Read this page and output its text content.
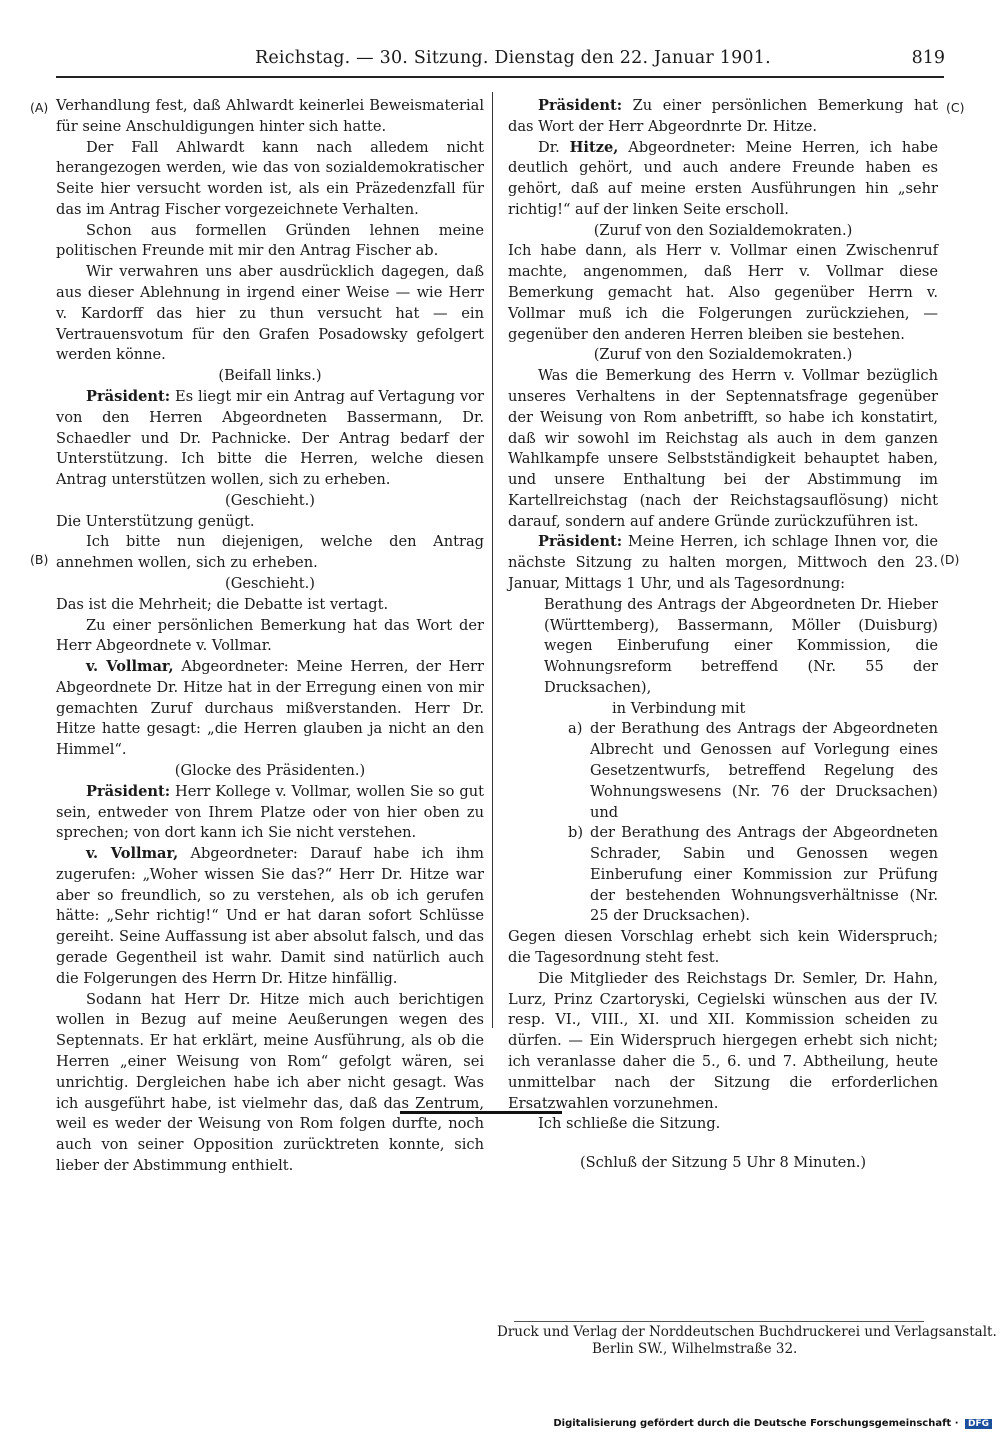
Reichstag. — 30. Sitzung. Dienstag den 22. Januar 1901.	819
(A)
(B)
(C)
(D)

Verhandlung fest, daß Ahlwardt keinerlei Beweismaterial für seine Anschuldigungen hinter sich hatte.

Der Fall Ahlwardt kann nach alledem nicht herangezogen werden, wie das von sozialdemokratischer Seite hier versucht worden ist, als ein Präzedenzfall für das im Antrag Fischer vorgezeichnete Verhalten.

Schon aus formellen Gründen lehnen meine politischen Freunde mit mir den Antrag Fischer ab.

Wir verwahren uns aber ausdrücklich dagegen, daß aus dieser Ablehnung in irgend einer Weise — wie Herr v. Kardorff das hier zu thun versucht hat — ein Vertrauensvotum für den Grafen Posadowsky gefolgert werden könne.

(Beifall links.)

Präsident: Es liegt mir ein Antrag auf Vertagung vor von den Herren Abgeordneten Bassermann, Dr. Schaedler und Dr. Pachnicke. Der Antrag bedarf der Unterstützung. Ich bitte die Herren, welche diesen Antrag unterstützen wollen, sich zu erheben.

(Geschieht.)

Die Unterstützung genügt.

Ich bitte nun diejenigen, welche den Antrag annehmen wollen, sich zu erheben.

(Geschieht.)

Das ist die Mehrheit; die Debatte ist vertagt.

Zu einer persönlichen Bemerkung hat das Wort der Herr Abgeordnete v. Vollmar.

v. Vollmar, Abgeordneter: Meine Herren, der Herr Abgeordnete Dr. Hitze hat in der Erregung einen von mir gemachten Zuruf durchaus mißverstanden. Herr Dr. Hitze hatte gesagt: „die Herren glauben ja nicht an den Himmel“.

(Glocke des Präsidenten.)

Präsident: Herr Kollege v. Vollmar, wollen Sie so gut sein, entweder von Ihrem Platze oder von hier oben zu sprechen; von dort kann ich Sie nicht verstehen.

v. Vollmar, Abgeordneter: Darauf habe ich ihm zugerufen: „Woher wissen Sie das?“ Herr Dr. Hitze war aber so freundlich, so zu verstehen, als ob ich gerufen hätte: „Sehr richtig!“ Und er hat daran sofort Schlüsse gereiht. Seine Auffassung ist aber absolut falsch, und das gerade Gegentheil ist wahr. Damit sind natürlich auch die Folgerungen des Herrn Dr. Hitze hinfällig.

Sodann hat Herr Dr. Hitze mich auch berichtigen wollen in Bezug auf meine Aeußerungen wegen des Septennats. Er hat erklärt, meine Ausführung, als ob die Herren „einer Weisung von Rom“ gefolgt wären, sei unrichtig. Dergleichen habe ich aber nicht gesagt. Was ich ausgeführt habe, ist vielmehr das, daß das Zentrum, weil es weder der Weisung von Rom folgen durfte, noch auch von seiner Opposition zurücktreten konnte, sich lieber der Abstimmung enthielt.

Präsident: Zu einer persönlichen Bemerkung hat das Wort der Herr Abgeordnrte Dr. Hitze.

Dr. Hitze, Abgeordneter: Meine Herren, ich habe deutlich gehört, und auch andere Freunde haben es gehört, daß auf meine ersten Ausführungen hin „sehr richtig!“ auf der linken Seite erscholl.

(Zuruf von den Sozialdemokraten.)

Ich habe dann, als Herr v. Vollmar einen Zwischenruf machte, angenommen, daß Herr v. Vollmar diese Bemerkung gemacht hat. Also gegenüber Herrn v. Vollmar muß ich die Folgerungen zurückziehen, — gegenüber den anderen Herren bleiben sie bestehen.

(Zuruf von den Sozialdemokraten.)

Was die Bemerkung des Herrn v. Vollmar bezüglich unseres Verhaltens in der Septennatsfrage gegenüber der Weisung von Rom anbetrifft, so habe ich konstatirt, daß wir sowohl im Reichstag als auch in dem ganzen Wahlkampfe unsere Selbstständigkeit behauptet haben, und unsere Enthaltung bei der Abstimmung im Kartellreichstag (nach der Reichstagsauflösung) nicht darauf, sondern auf andere Gründe zurückzuführen ist.

Präsident: Meine Herren, ich schlage Ihnen vor, die nächste Sitzung zu halten morgen, Mittwoch den 23. Januar, Mittags 1 Uhr, und als Tagesordnung:

Berathung des Antrags der Abgeordneten Dr. Hieber (Württemberg), Bassermann, Möller (Duisburg) wegen Einberufung einer Kommission, die Wohnungsreform betreffend (Nr. 55 der Drucksachen),

in Verbindung mit

a) der Berathung des Antrags der Abgeordneten Albrecht und Genossen auf Vorlegung eines Gesetzentwurfs, betreffend Regelung des Wohnungswesens (Nr. 76 der Drucksachen) und

b) der Berathung des Antrags der Abgeordneten Schrader, Sabin und Genossen wegen Einberufung einer Kommission zur Prüfung der bestehenden Wohnungsverhältnisse (Nr. 25 der Drucksachen).

Gegen diesen Vorschlag erhebt sich kein Widerspruch; die Tagesordnung steht fest.

Die Mitglieder des Reichstags Dr. Semler, Dr. Hahn, Lurz, Prinz Czartoryski, Cegielski wünschen aus der IV. resp. VI., VIII., XI. und XII. Kommission scheiden zu dürfen. — Ein Widerspruch hiergegen erhebt sich nicht; ich veranlasse daher die 5., 6. und 7. Abtheilung, heute unmittelbar nach der Sitzung die erforderlichen Ersatzwahlen vorzunehmen.

Ich schließe die Sitzung.

(Schluß der Sitzung 5 Uhr 8 Minuten.)

Druck und Verlag der Norddeutschen Buchdruckerei und Verlagsanstalt.
Berlin SW., Wilhelmstraße 32.
Digitalisierung gefördert durch die Deutsche Forschungsgemeinschaft · DFG
